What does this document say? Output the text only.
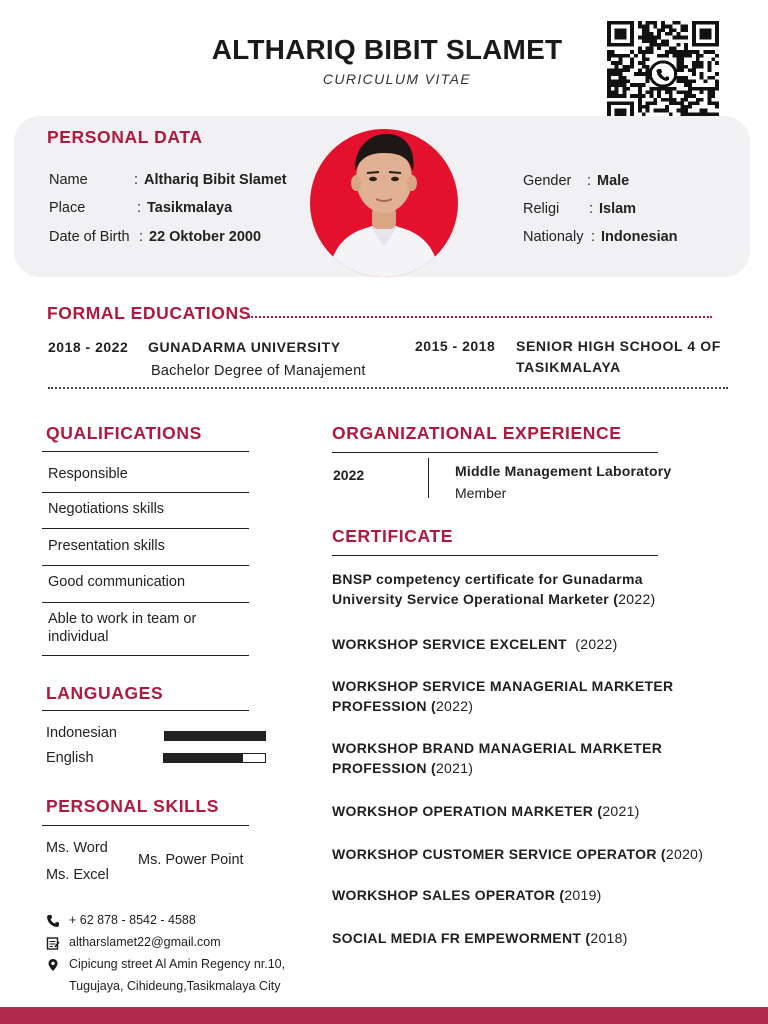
ALTHARIQ BIBIT SLAMET
CURICULUM VITAE
PERSONAL DATA
Name	: Althariq Bibit Slamet
Place	: Tasikmalaya
Date of Birth : 22 Oktober 2000
Gender : Male
Religi : Islam
Nationaly : Indonesian
FORMAL EDUCATIONS
2018 - 2022 GUNADARMA UNIVERSITY
Bachelor Degree of Manajement
2015 - 2018 SENIOR HIGH SCHOOL 4 OF
TASIKMALAYA
QUALIFICATIONS
Responsible
Negotiations skills
Presentation skills
Good communication
Able to work in team or individual
LANGUAGES
Indonesian
English
PERSONAL SKILLS
Ms. Word
Ms. Excel
Ms. Power Point
+ 62 878 - 8542 - 4588
altharslamet22@gmail.com
Cipicung street Al Amin Regency nr.10,
Tugujaya, Cihideung,Tasikmalaya City
ORGANIZATIONAL EXPERIENCE
2022	Middle Management Laboratory
Member
CERTIFICATE
BNSP competency certificate for Gunadarma
University Service Operational Marketer (2022)
WORKSHOP SERVICE EXCELENT  (2022)
WORKSHOP SERVICE MANAGERIAL MARKETER
PROFESSION (2022)
WORKSHOP BRAND MANAGERIAL MARKETER
PROFESSION (2021)
WORKSHOP OPERATION MARKETER (2021)
WORKSHOP CUSTOMER SERVICE OPERATOR (2020)
WORKSHOP SALES OPERATOR (2019)
SOCIAL MEDIA FR EMPEWORMENT (2018)
